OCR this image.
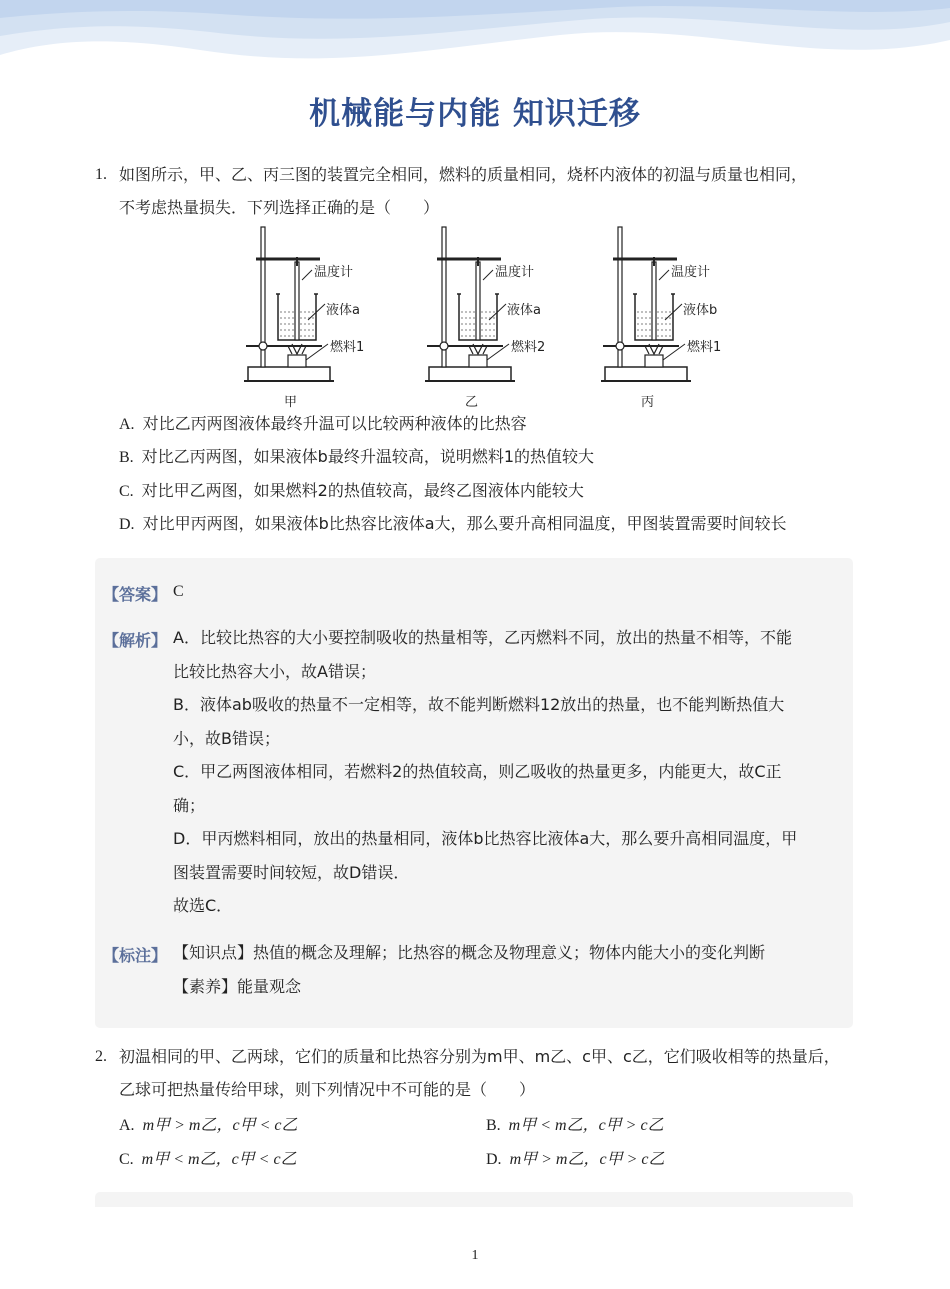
机械能与内能 知识迁移
1. 如图所示，甲、乙、丙三图的装置完全相同，燃料的质量相同，烧杯内液体的初温与质量也相同，
不考虑热量损失．下列选择正确的是（　　）
温度计
液体a
燃料1
甲
温度计
液体a
燃料2
乙
温度计
液体b
燃料1
丙
A. 对比乙丙两图液体最终升温可以比较两种液体的比热容
B. 对比乙丙两图，如果液体b最终升温较高，说明燃料1的热值较大
C. 对比甲乙两图，如果燃料2的热值较高，最终乙图液体内能较大
D. 对比甲丙两图，如果液体b比热容比液体a大，那么要升高相同温度，甲图装置需要时间较长
【答案】 C
【解析】 A．比较比热容的大小要控制吸收的热量相等，乙丙燃料不同，放出的热量不相等，不能
比较比热容大小，故A错误；
B．液体ab吸收的热量不一定相等，故不能判断燃料12放出的热量，也不能判断热值大
小，故B错误；
C．甲乙两图液体相同，若燃料2的热值较高，则乙吸收的热量更多，内能更大，故C正
确；
D．甲丙燃料相同，放出的热量相同，液体b比热容比液体a大，那么要升高相同温度，甲
图装置需要时间较短，故D错误．
故选C．
【标注】 【知识点】热值的概念及理解；比热容的概念及物理意义；物体内能大小的变化判断
【素养】能量观念
2. 初温相同的甲、乙两球，它们的质量和比热容分别为m甲、m乙、c甲、c乙，它们吸收相等的热量后，
乙球可把热量传给甲球，则下列情况中不可能的是（　　）
A. m甲 > m乙，c甲 < c乙	B. m甲 < m乙，c甲 > c乙
C. m甲 < m乙，c甲 < c乙	D. m甲 > m乙，c甲 > c乙
1
